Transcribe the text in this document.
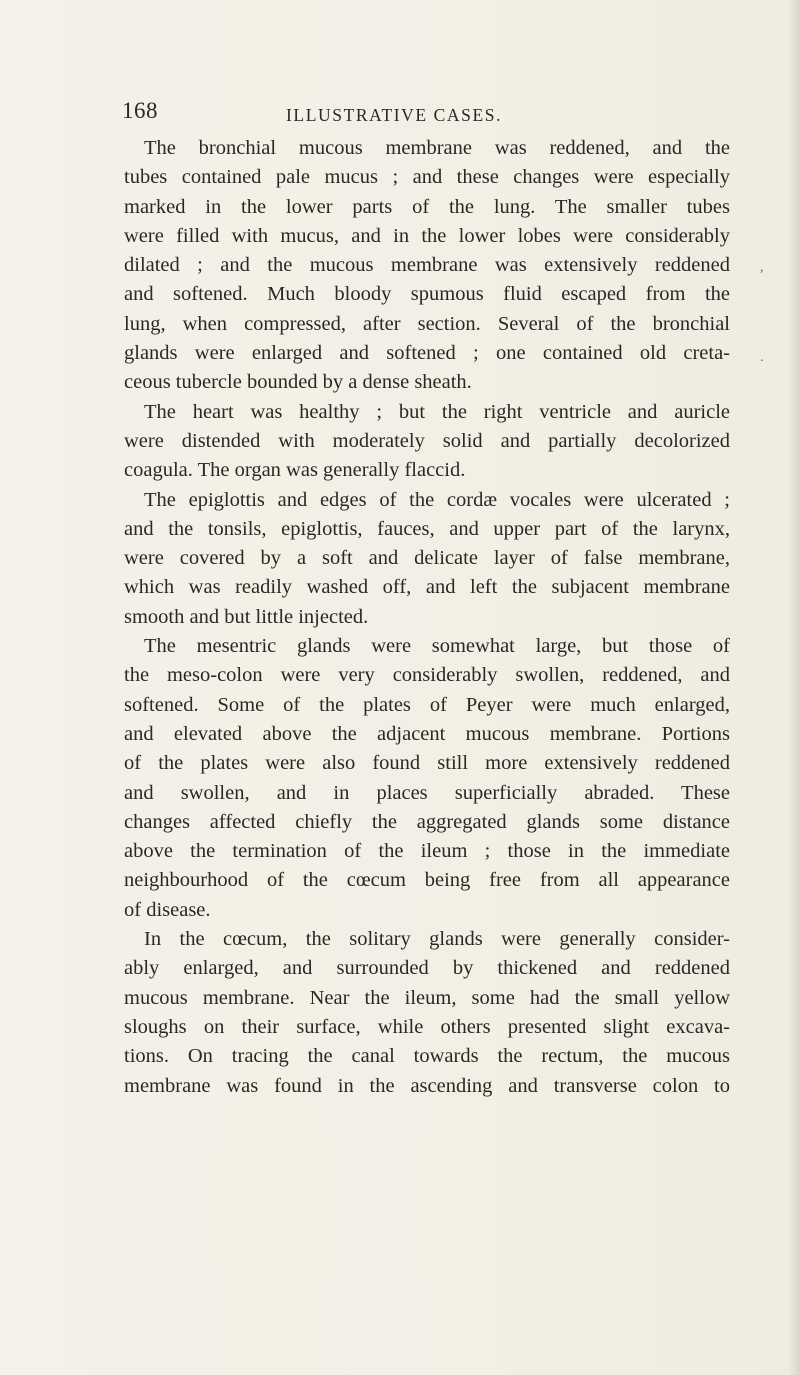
168	ILLUSTRATIVE CASES.
The bronchial mucous membrane was reddened, and the
tubes contained pale mucus ; and these changes were especially
marked in the lower parts of the lung. The smaller tubes
were filled with mucus, and in the lower lobes were considerably
dilated ; and the mucous membrane was extensively reddened
and softened. Much bloody spumous fluid escaped from the
lung, when compressed, after section. Several of the bronchial
glands were enlarged and softened ; one contained old creta-
ceous tubercle bounded by a dense sheath.
The heart was healthy ; but the right ventricle and auricle
were distended with moderately solid and partially decolorized
coagula. The organ was generally flaccid.
The epiglottis and edges of the cordæ vocales were ulcerated ;
and the tonsils, epiglottis, fauces, and upper part of the larynx,
were covered by a soft and delicate layer of false membrane,
which was readily washed off, and left the subjacent membrane
smooth and but little injected.
The mesentric glands were somewhat large, but those of
the meso-colon were very considerably swollen, reddened, and
softened. Some of the plates of Peyer were much enlarged,
and elevated above the adjacent mucous membrane. Portions
of the plates were also found still more extensively reddened
and swollen, and in places superficially abraded. These
changes affected chiefly the aggregated glands some distance
above the termination of the ileum ; those in the immediate
neighbourhood of the cœcum being free from all appearance
of disease.
In the cœcum, the solitary glands were generally consider-
ably enlarged, and surrounded by thickened and reddened
mucous membrane. Near the ileum, some had the small yellow
sloughs on their surface, while others presented slight excava-
tions. On tracing the canal towards the rectum, the mucous
membrane was found in the ascending and transverse colon to
,
.
